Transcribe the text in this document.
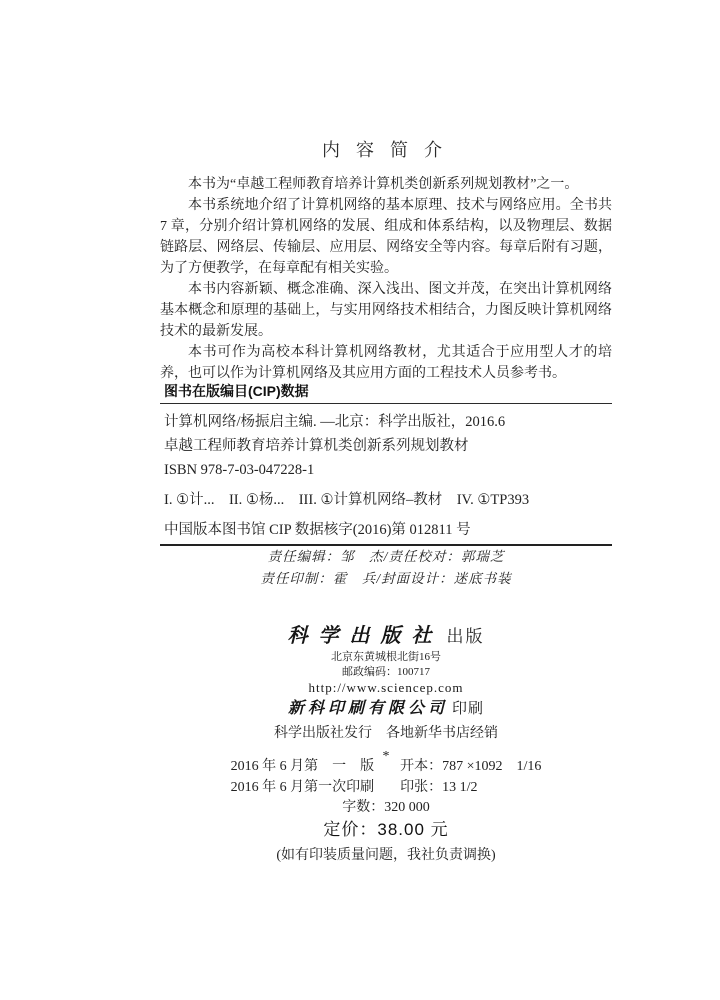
内容简介

本书为“卓越工程师教育培养计算机类创新系列规划教材”之一。

本书系统地介绍了计算机网络的基本原理、技术与网络应用。全书共 7 章，分别介绍计算机网络的发展、组成和体系结构，以及物理层、数据链路层、网络层、传输层、应用层、网络安全等内容。每章后附有习题，为了方便教学，在每章配有相关实验。

本书内容新颖、概念准确、深入浅出、图文并茂，在突出计算机网络基本概念和原理的基础上，与实用网络技术相结合，力图反映计算机网络技术的最新发展。

本书可作为高校本科计算机网络教材，尤其适合于应用型人才的培养，也可以作为计算机网络及其应用方面的工程技术人员参考书。

图书在版编目(CIP)数据
计算机网络/杨振启主编. —北京：科学出版社，2016.6
卓越工程师教育培养计算机类创新系列规划教材
ISBN 978-7-03-047228-1
I. ①计...　II. ①杨...　III. ①计算机网络–教材　IV. ①TP393
中国版本图书馆 CIP 数据核字(2016)第 012811 号
责任编辑：邹　杰/责任校对：郭瑞芝
责任印制：霍　兵/封面设计：迷底书装
科学出版社 出版
北京东黄城根北街16号
邮政编码：100717
http://www.sciencep.com
新科印刷有限公司 印刷
科学出版社发行　各地新华书店经销
*
2016 年 6 月第　一　版 开本：787 ×1092　1/16
2016 年 6 月第一次印刷 印张：13 1/2
字数：320 000
定价：38.00 元
(如有印装质量问题，我社负责调换)
